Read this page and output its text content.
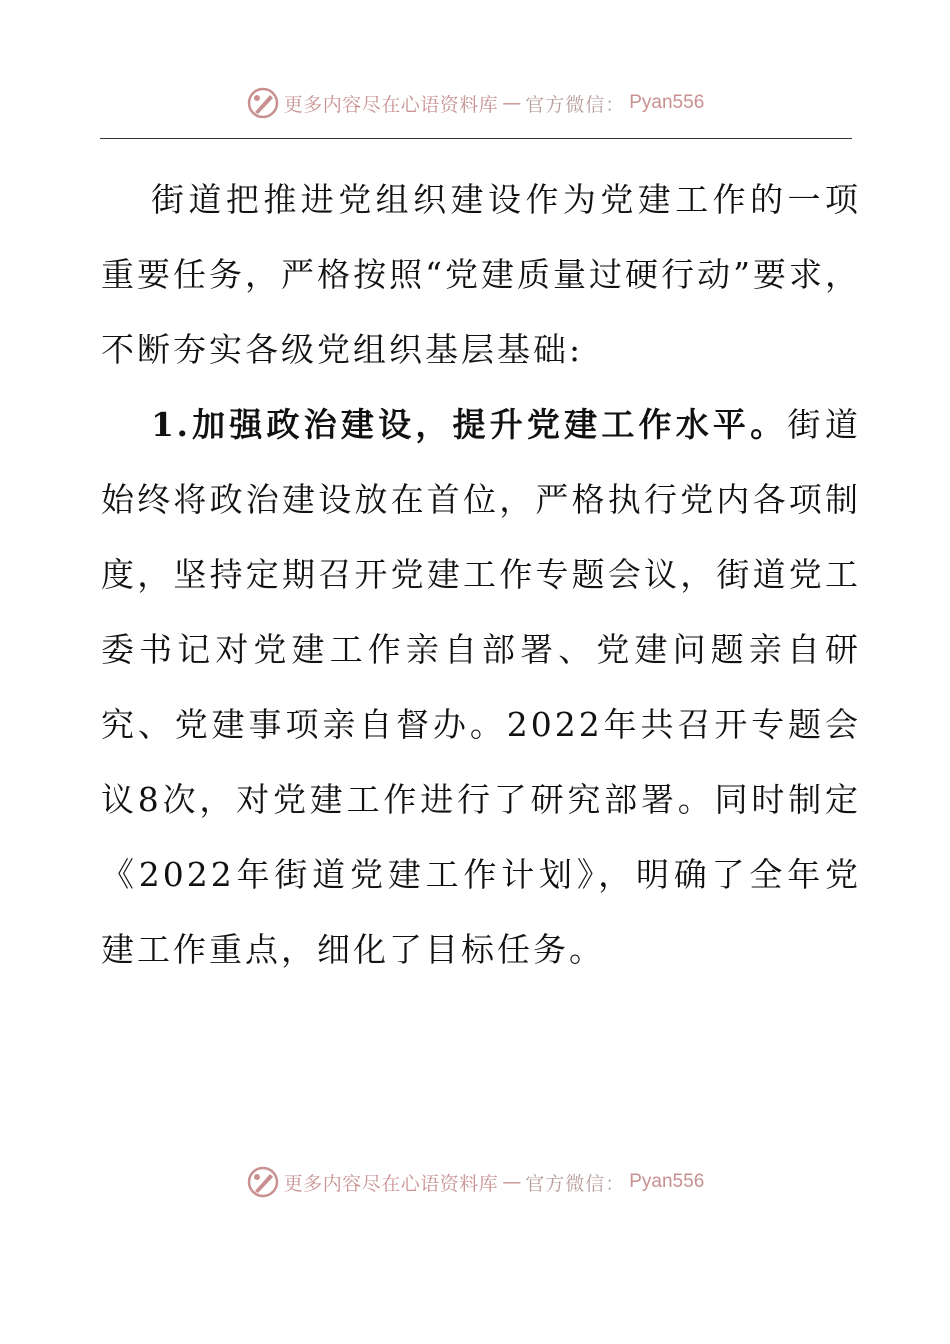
更多内容尽在心语资料库 — 官方微信： Pyan556

街道把推进党组织建设作为党建工作的一项重要任务，严格按照“党建质量过硬行动”要求，不断夯实各级党组织基层基础:

1.加强政治建设，提升党建工作水平。街道始终将政治建设放在首位，严格执行党内各项制度，坚持定期召开党建工作专题会议，街道党工委书记对党建工作亲自部署、党建问题亲自研究、党建事项亲自督办。2022年共召开专题会议8次，对党建工作进行了研究部署。同时制定《2022年街道党建工作计划》，明确了全年党建工作重点，细化了目标任务。

更多内容尽在心语资料库 — 官方微信： Pyan556
